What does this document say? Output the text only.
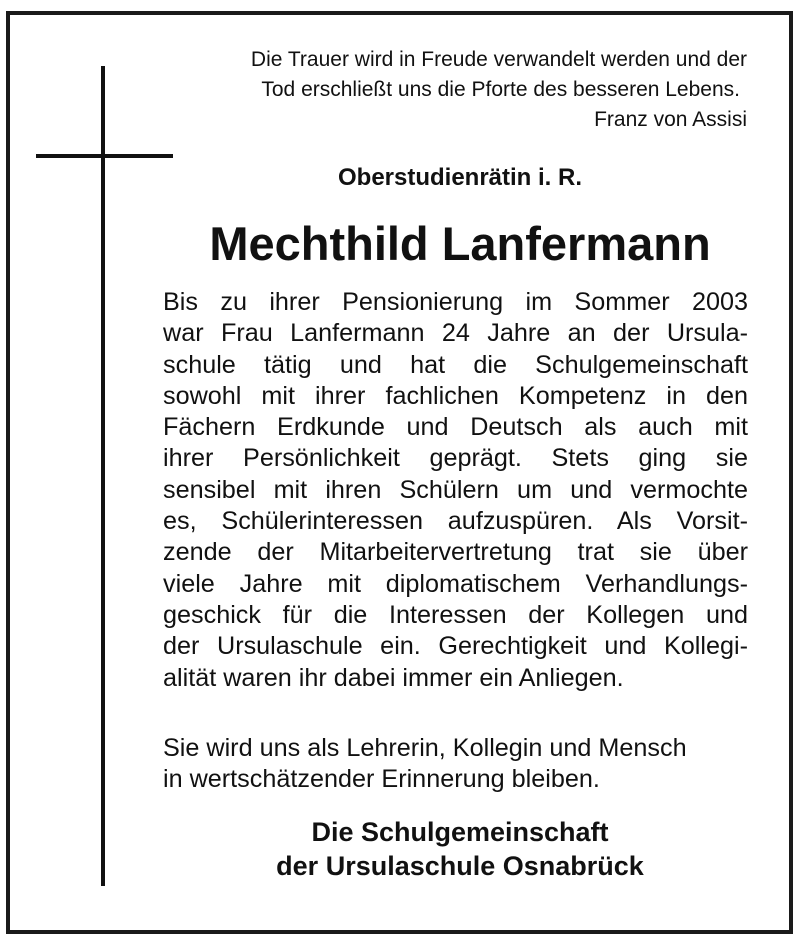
Die Trauer wird in Freude verwandelt werden und der
Tod erschließt uns die Pforte des besseren Lebens.
Franz von Assisi
Oberstudienrätin i. R.
Mechthild Lanfermann
Bis zu ihrer Pensionierung im Sommer 2003
war Frau Lanfermann 24 Jahre an der Ursula-
schule tätig und hat die Schulgemeinschaft
sowohl mit ihrer fachlichen Kompetenz in den
Fächern Erdkunde und Deutsch als auch mit
ihrer Persönlichkeit geprägt. Stets ging sie
sensibel mit ihren Schülern um und vermochte
es, Schülerinteressen aufzuspüren. Als Vorsit-
zende der Mitarbeitervertretung trat sie über
viele Jahre mit diplomatischem Verhandlungs-
geschick für die Interessen der Kollegen und
der Ursulaschule ein. Gerechtigkeit und Kollegi-
alität waren ihr dabei immer ein Anliegen.
Sie wird uns als Lehrerin, Kollegin und Mensch
in wertschätzender Erinnerung bleiben.
Die Schulgemeinschaft
der Ursulaschule Osnabrück
